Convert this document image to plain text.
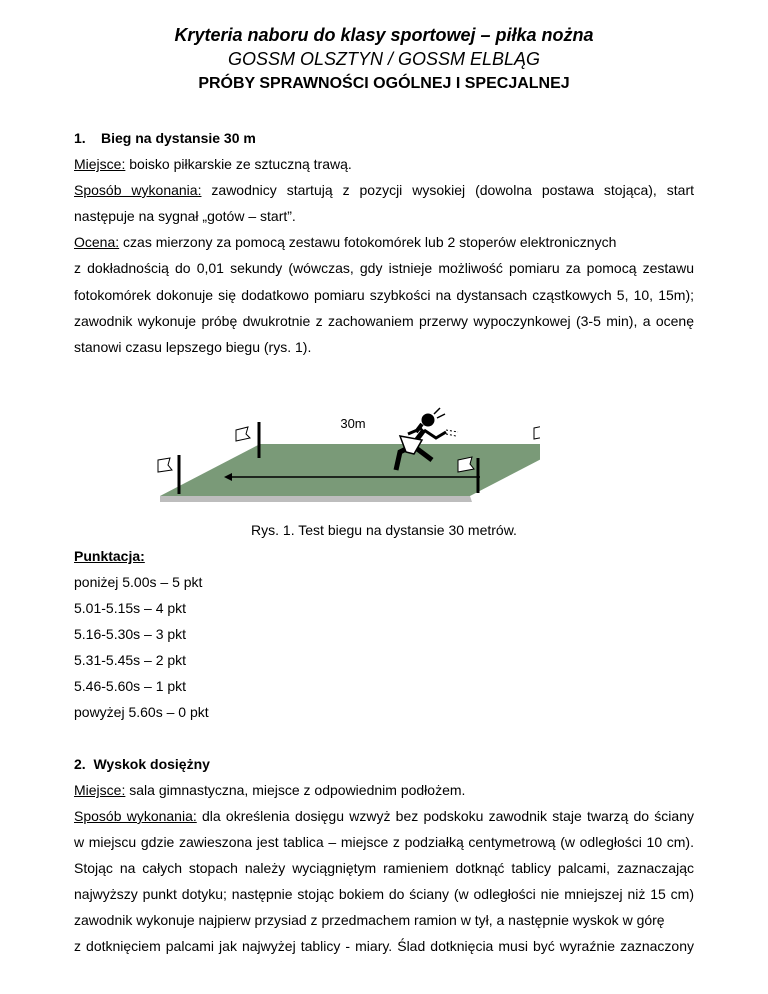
Kryteria naboru do klasy sportowej – piłka nożna
GOSSM OLSZTYN / GOSSM ELBLĄG
PRÓBY SPRAWNOŚCI OGÓLNEJ I SPECJALNEJ
1. Bieg na dystansie 30 m
Miejsce: boisko piłkarskie ze sztuczną trawą.
Sposób wykonania: zawodnicy startują z pozycji wysokiej (dowolna postawa stojąca), start
następuje na sygnał „gotów – start”.
Ocena: czas mierzony za pomocą zestawu fotokomórek lub 2 stoperów elektronicznych
z dokładnością do 0,01 sekundy (wówczas, gdy istnieje możliwość pomiaru za pomocą zestawu
fotokomórek dokonuje się dodatkowo pomiaru szybkości na dystansach cząstkowych 5, 10, 15m);
zawodnik wykonuje próbę dwukrotnie z zachowaniem przerwy wypoczynkowej (3-5 min), a ocenę
stanowi czasu lepszego biegu (rys. 1).
30m
Rys. 1. Test biegu na dystansie 30 metrów.
Punktacja:
poniżej 5.00s – 5 pkt
5.01-5.15s – 4 pkt
5.16-5.30s – 3 pkt
5.31-5.45s – 2 pkt
5.46-5.60s – 1 pkt
powyżej 5.60s – 0 pkt
2. Wyskok dosiężny
Miejsce: sala gimnastyczna, miejsce z odpowiednim podłożem.
Sposób wykonania: dla określenia dosięgu wzwyż bez podskoku zawodnik staje twarzą do ściany
w miejscu gdzie zawieszona jest tablica – miejsce z podziałką centymetrową (w odległości 10 cm).
Stojąc na całych stopach należy wyciągniętym ramieniem dotknąć tablicy palcami, zaznaczając
najwyższy punkt dotyku; następnie stojąc bokiem do ściany (w odległości nie mniejszej niż 15 cm)
zawodnik wykonuje najpierw przysiad z przedmachem ramion w tył, a następnie wyskok w górę
z dotknięciem palcami jak najwyżej tablicy - miary. Ślad dotknięcia musi być wyraźnie zaznaczony
